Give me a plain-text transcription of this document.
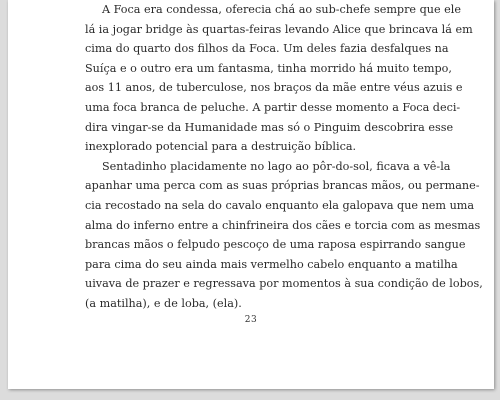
A Foca era condessa, oferecia chá ao sub-chefe sempre que ele
lá ia jogar bridge às quartas-feiras levando Alice que brincava lá em
cima do quarto dos filhos da Foca. Um deles fazia desfalques na
Suíça e o outro era um fantasma, tinha morrido há muito tempo,
aos 11 anos, de tuberculose, nos braços da mãe entre véus azuis e
uma foca branca de peluche. A partir desse momento a Foca deci-
dira vingar-se da Humanidade mas só o Pinguim descobrira esse
inexplorado potencial para a destruição bíblica.
Sentadinho placidamente no lago ao pôr-do-sol, ficava a vê-la
apanhar uma perca com as suas próprias brancas mãos, ou permane-
cia recostado na sela do cavalo enquanto ela galopava que nem uma
alma do inferno entre a chinfrineira dos cães e torcia com as mesmas
brancas mãos o felpudo pescoço de uma raposa espirrando sangue
para cima do seu ainda mais vermelho cabelo enquanto a matilha
uivava de prazer e regressava por momentos à sua condição de lobos,
(a matilha), e de loba, (ela).
23
